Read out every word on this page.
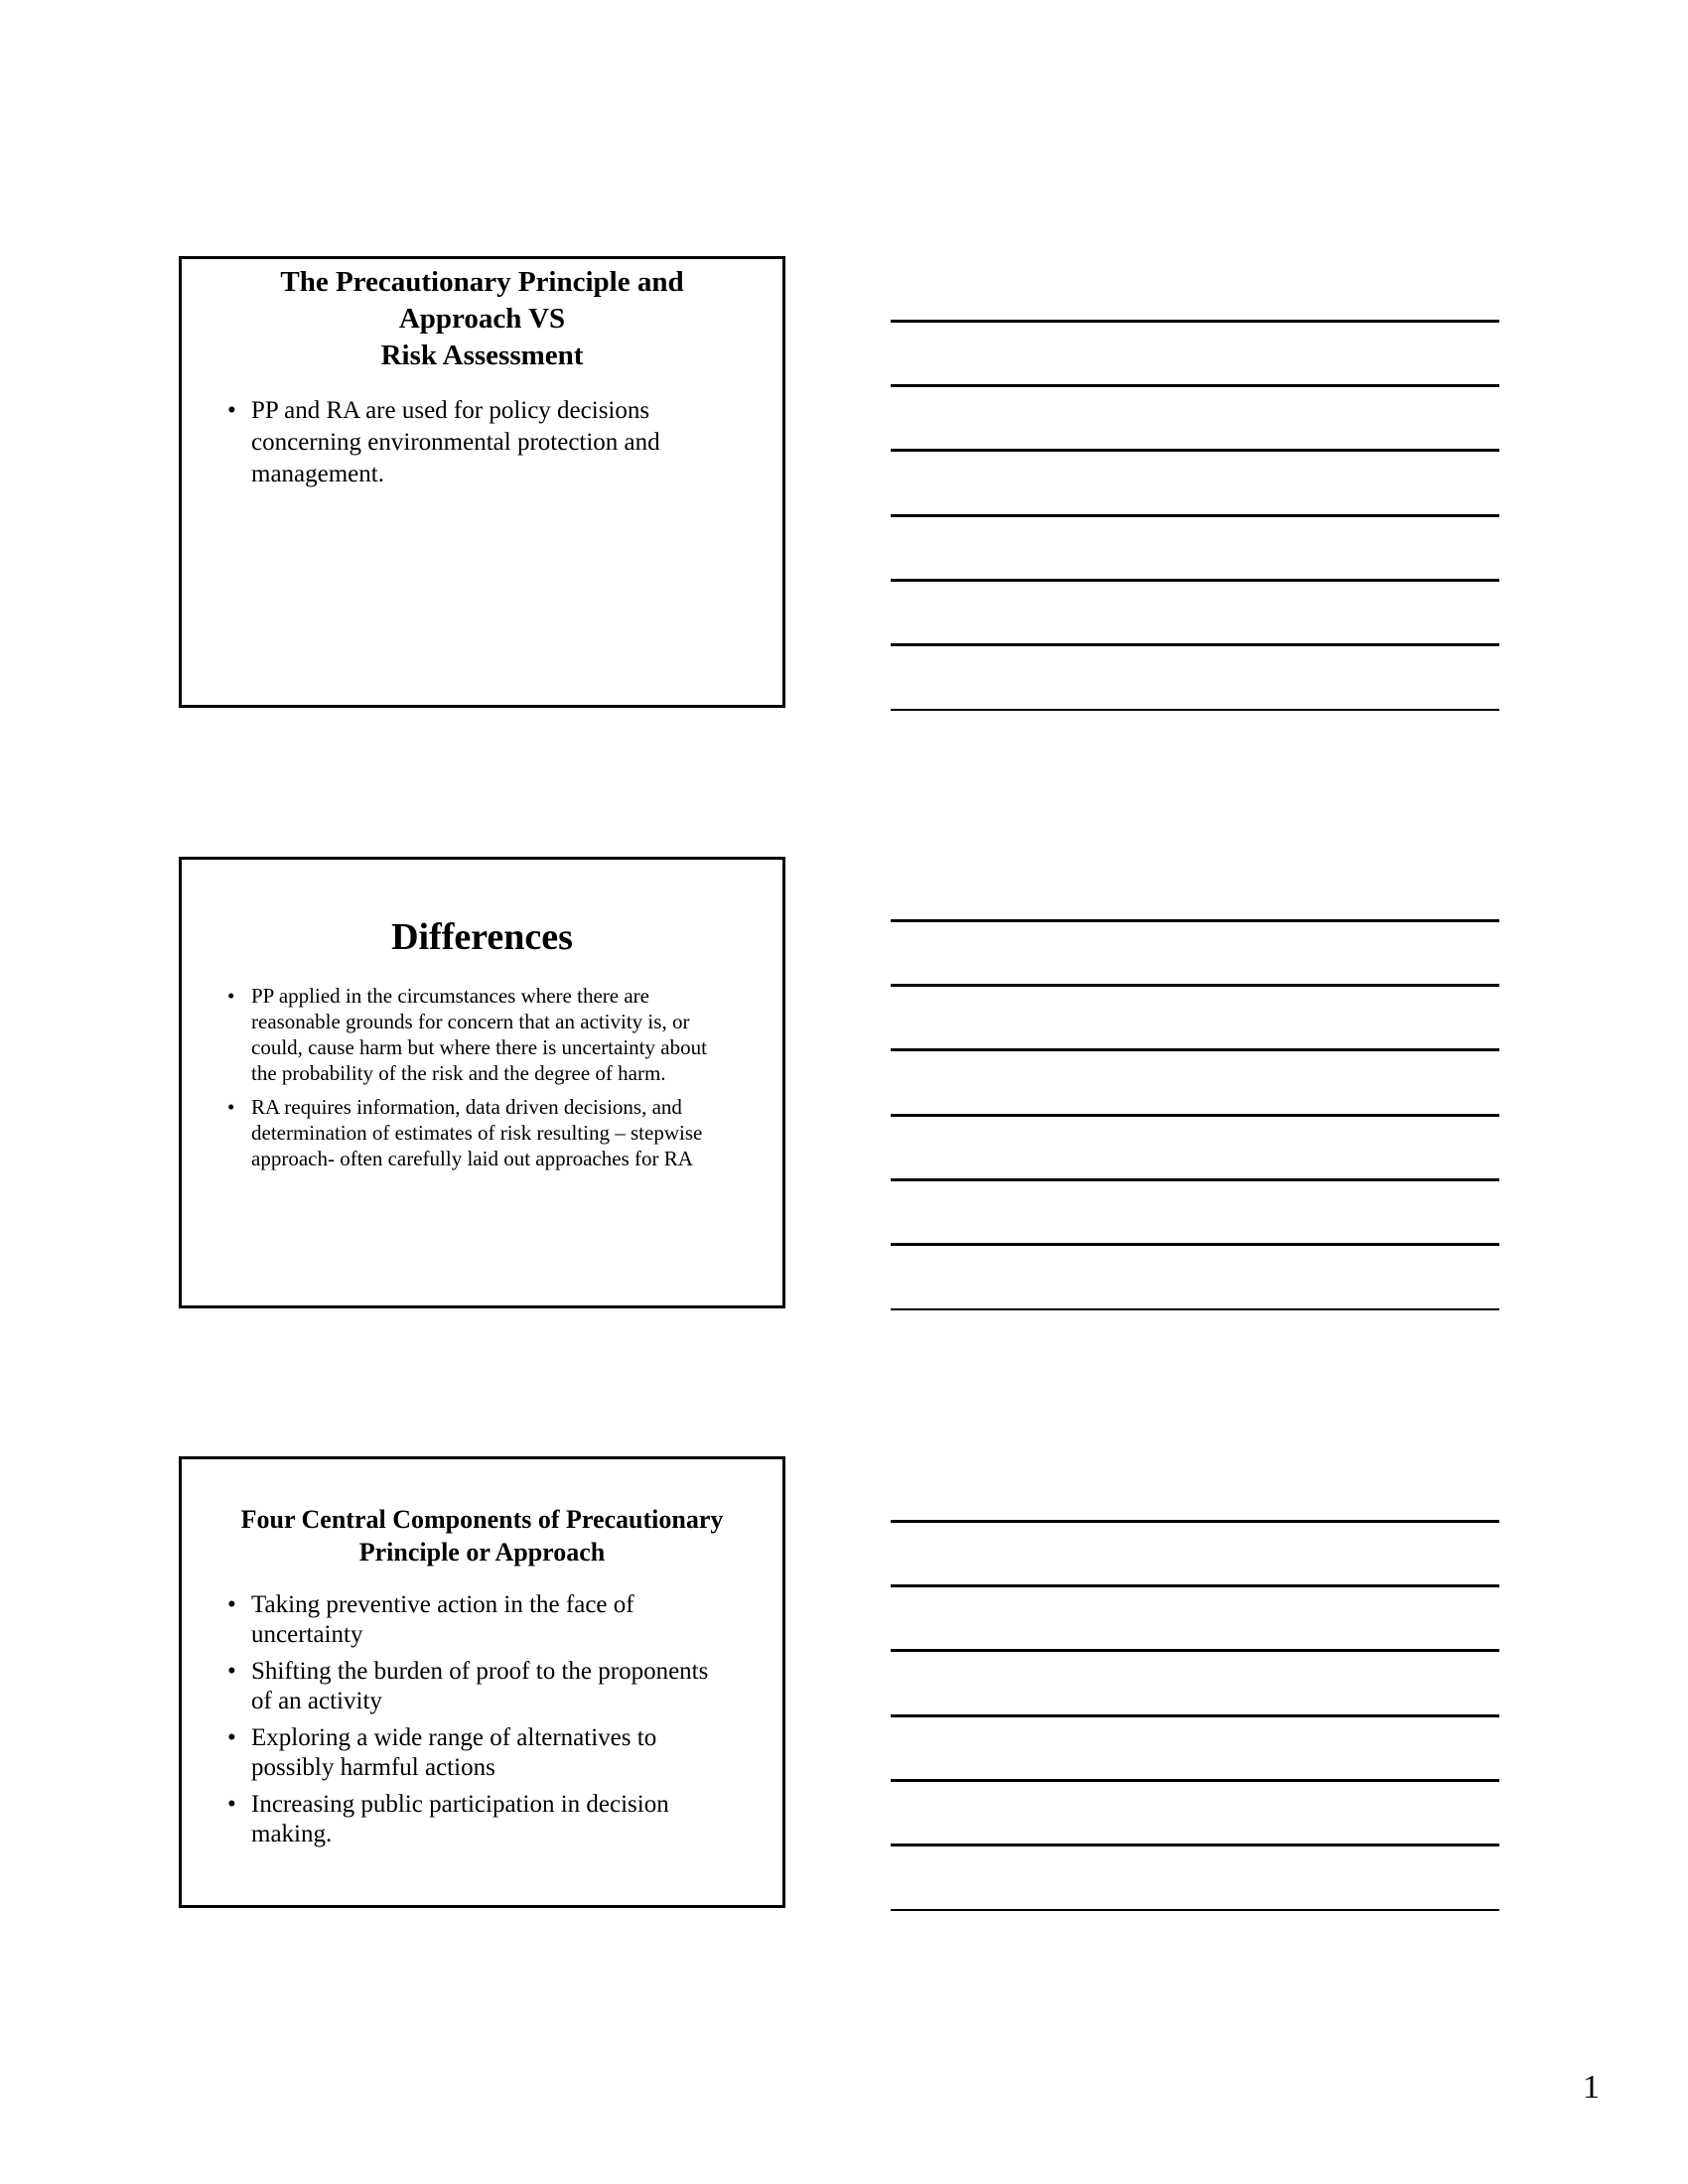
The Precautionary Principle and
Approach VS
Risk Assessment
• PP and RA are used for policy decisions concerning environmental protection and management.
Differences
• PP applied in the circumstances where there are reasonable grounds for concern that an activity is, or could, cause harm but where there is uncertainty about the probability of the risk and the degree of harm.
• RA requires information, data driven decisions, and determination of estimates of risk resulting – stepwise approach- often carefully laid out approaches for RA
Four Central Components of Precautionary
Principle or Approach
• Taking preventive action in the face of uncertainty
• Shifting the burden of proof to the proponents of an activity
• Exploring a wide range of alternatives to possibly harmful actions
• Increasing public participation in decision making.
1
